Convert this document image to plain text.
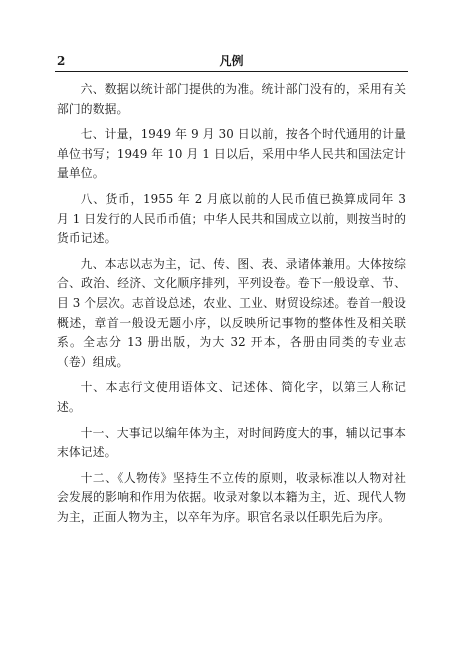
2	凡例

六、数据以统计部门提供的为准。统计部门没有的，采用有关部门的数据。

七、计量，1949 年 9 月 30 日以前，按各个时代通用的计量单位书写；1949 年 10 月 1 日以后，采用中华人民共和国法定计量单位。

八、货币，1955 年 2 月底以前的人民币值已换算成同年 3 月 1 日发行的人民币币值；中华人民共和国成立以前，则按当时的货币记述。

九、本志以志为主，记、传、图、表、录诸体兼用。大体按综合、政治、经济、文化顺序排列，平列设卷。卷下一般设章、节、目 3 个层次。志首设总述，农业、工业、财贸设综述。卷首一般设概述，章首一般设无题小序，以反映所记事物的整体性及相关联系。全志分 13 册出版，为大 32 开本，各册由同类的专业志（卷）组成。

十、本志行文使用语体文、记述体、简化字，以第三人称记述。

十一、大事记以编年体为主，对时间跨度大的事，辅以记事本末体记述。

十二、《人物传》坚持生不立传的原则，收录标准以人物对社会发展的影响和作用为依据。收录对象以本籍为主，近、现代人物为主，正面人物为主，以卒年为序。职官名录以任职先后为序。
